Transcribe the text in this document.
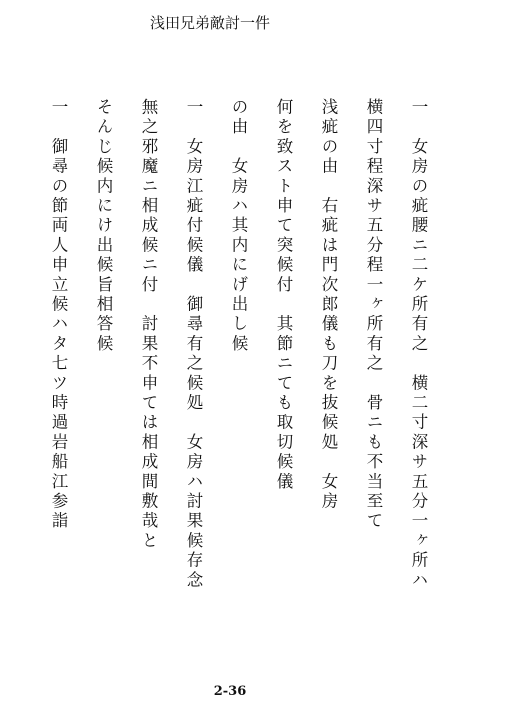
浅田兄弟敵討一件
一　女房の疵腰ニ二ケ所有之　横二寸深サ五分一ヶ所ハ
横四寸程深サ五分程一ヶ所有之　骨ニも不当至て
浅疵の由　右疵は門次郎儀も刀を抜候処　女房
何を致スト申て突候付　其節ニても取切候儀
の由　女房ハ其内にげ出し候
一　女房江疵付候儀　御尋有之候処　女房ハ討果候存念
無之邪魔ニ相成候ニ付　討果不申ては相成間敷哉と
そんじ候内にけ出候旨相答候
一　御尋の節両人申立候ハタ七ツ時過岩船江参詣
2-36
